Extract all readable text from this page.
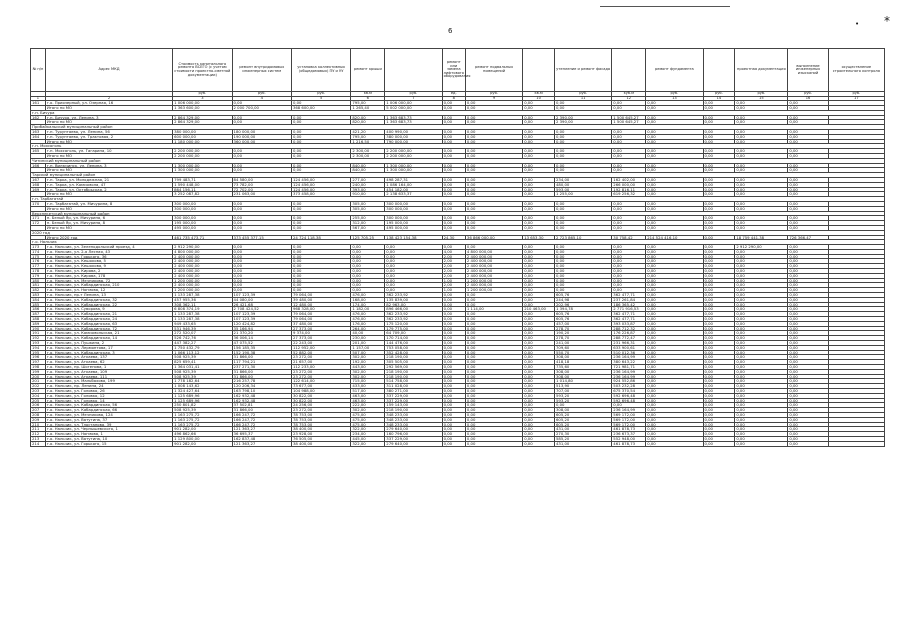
• *
6
№ п/п	Адрес МКД	Стоимость капитального ремонта ВСЕГО (с учетом стоимости проектно-сметной документации)	ремонт внутридомовых инженерных систем	установка коллективных (общедомовых) ПУ и УУ	ремонт крыши		ремонт или замена лифтового оборудования	ремонт подвальных помещений		утепление и ремонт фасада		ремонт фундамента		проектная документация	выполнение инженерных изысканий	осуществление строительного контроля
		руб.	руб.	руб.	кв.м	руб.	ед.	руб.	кв.м	руб.	куб.м	руб.	руб.	руб.	руб.	руб.
1	2	3	4	5	6	7	8	9	10	11	12	13	14	15	16	17
161	г.о. Приозерный, ул. Озерная, 16	1 006 000,00	0,00	0,00	795,00	1 006 000,00	0,00	0,00	0,00	0,00	0,00	0,00	0,00	0,00	0,00	
	Итого по МО	1 363 600,00	2 000 700,00	368 600,00	1 265,40	5 002 000,00	0,00	0,00	0,00	0,00	0,00	0,00	0,00	0,00	0,00	
г.п. Бичура																
162	г.п. Бичура, ул. Ленина, 3	2 864 329,00	0,00	0,00	820,00	1 363 683,73	0,00	0,00	0,00	2 390,00	1 500 645,27	0,00	0,00	0,00	0,00	
	Итого по МО	2 864 329,00	0,00	0,00	820,00	1 363 683,73	0,00	0,00	0,00	2 390,00	1 500 645,27	0,00	0,00	0,00	0,00	
Прибайкальский муниципальный район																
163	г.п. Турунтаево, ул. Ленина, 56	380 000,00	180 000,00	0,00	421,20	400 990,00	0,00	0,00	0,00	0,00	0,00	0,00	0,00	0,00	0,00	
164	г.п. Турунтаево, ул. Трактовая, 2	600 000,00	190 000,00	0,00	795,00	380 000,00	0,00	0,00	0,00	0,00	0,00	0,00	0,00	0,00	0,00	
	Итого по МО	1 180 000,00	360 000,00	0,00	1 216,50	790 000,00	0,00	0,00	0,00	0,00	0,00	0,00	0,00	0,00	0,00	
г.п. Мохсоголь																
165	г.п. Мохсоголь, ул. Гагарина, 10	2 200 000,00	0,00	0,00	2 300,00	2 200 000,00	0,00	0,00	0,00	0,00	0,00	0,00	0,00	0,00	0,00	
	Итого по МО	2 200 000,00	0,00	0,00	2 300,00	2 200 000,00	0,00	0,00	0,00	0,00	0,00	0,00	0,00	0,00	0,00	
Читинский муниципальный район																
166	г.п. Вилючинск, ул. Ленина, 3	1 300 000,00	0,00	0,00	840,00	1 300 000,00	0,00	0,00	0,00	0,00	0,00	0,00	0,00	0,00	0,00	
	Итого по МО	1 300 000,00	0,00	0,00	840,00	1 300 000,00	0,00	0,00	0,00	0,00	0,00	0,00	0,00	0,00	0,00	
Тарский муниципальный район																
167	г.п. Тарка, ул. Молодежная, 21	799 483,71	84 580,00	124 456,00	277,00	498 287,31	0,00	0,00	0,00	234,00	162 402,00	0,00	0,00	0,00	0,00	
168	г.п. Тарка, ул. Комсомола, 47	1 590 448,00	73 782,00	124 456,00	240,00	1 086 164,00	0,00	0,00	0,00	480,00	266 000,00	0,00	0,00	0,00	0,00	
169	г.п. Тарка, ул. Октябрьская, 2	864 156,11	72 702,00	124 456,00	393,00	454 182,00	0,00	0,00	0,00	593,00	192 816,11	0,00	0,00	0,00	0,00	
	Итого по МО	3 252 087,82	231 063,00	373 458,00	910,00	2 138 633,37	0,00	0,00	0,00	1 255,00	619 256,32	0,00	0,00	0,00	0,00	
г.п. Тарбагатай																
170	г.п. Тарбагатай, ул. Мичурина, 8	300 000,00	0,00	0,00	305,00	300 000,00	0,00	0,00	0,00	0,00	0,00	0,00	0,00	0,00	0,00	
	Итого по МО	300 000,00	0,00	0,00	305,00	300 000,00	0,00	0,00	0,00	0,00	0,00	0,00	0,00	0,00	0,00	
Верхнекетский муниципальный район																
171	п. Белый Яр, ул. Мичурина, 6	300 000,00	0,00	0,00	255,00	300 000,00	0,00	0,00	0,00	0,00	0,00	0,00	0,00	0,00	0,00	
172	п. Белый Яр, ул. Мичурина, 8	195 000,00	0,00	0,00	312,00	195 000,00	0,00	0,00	0,00	0,00	0,00	0,00	0,00	0,00	0,00	
	Итого по МО	495 000,00	0,00	0,00	567,00	495 000,00	0,00	0,00	0,00	0,00	0,00	0,00	0,00	0,00	0,00	
2020 год																
	Итого 2020 год	461 735 473,71	373 455 377,15	24 724 118,38	125 705,25	138 423 154,38	24,30	36 866 000,00	13 653,30	2 723 865,10	30 758,42	214 524 416,10	0,00	18 759 441,38	726 366,47	
г.о. Нальчик																
173	г.о. Нальчик, ул. Зеленодольский проезд, 4	2 912 290,00	0,00	0,00	0,00	0,00	0,00	0,00	0,00	0,00	0,00	0,00	0,00	2 912 290,00	0,00	
174	г.о. Нальчик, ул. 2-я Лесная, 43	4 800 000,00	0,00	0,00	0,00	0,00	4,00	4 800 000,00	0,00	0,00	0,00	0,00	0,00	0,00	0,00	
175	г.о. Нальчик, ул. Горького, 36	2 400 000,00	0,00	0,00	0,00	0,00	2,00	2 400 000,00	0,00	0,00	0,00	0,00	0,00	0,00	0,00	
176	г.о. Нальчик, ул. Кешокова, 5	2 400 000,00	0,00	0,00	0,00	0,00	2,00	2 400 000,00	0,00	0,00	0,00	0,00	0,00	0,00	0,00	
177	г.о. Нальчик, ул. Кешокова, 9	2 400 000,00	0,00	0,00	0,00	0,00	2,00	2 400 000,00	0,00	0,00	0,00	0,00	0,00	0,00	0,00	
178	г.о. Нальчик, ул. Кирова, 2	2 400 000,00	0,00	0,00	0,00	0,00	2,00	2 400 000,00	0,00	0,00	0,00	0,00	0,00	0,00	0,00	
179	г.о. Нальчик, ул. Кирова, 178	2 400 000,00	0,00	0,00	0,00	0,00	2,00	2 400 000,00	0,00	0,00	0,00	0,00	0,00	0,00	0,00	
180	г.о. Нальчик, ул. Мечникова, 72	1 200 000,00	0,00	0,00	0,00	0,00	1,00	1 200 000,00	0,00	0,00	0,00	0,00	0,00	0,00	0,00	
181	г.о. Нальчик, ул. Кабардинская, 210	2 400 000,00	0,00	0,00	0,00	0,00	2,00	2 400 000,00	0,00	0,00	0,00	0,00	0,00	0,00	0,00	
182	г.о. Нальчик, ул. Ногмова, 12	1 200 000,00	0,00	0,00	0,00	0,00	1,00	1 200 000,00	0,00	0,00	0,00	0,00	0,00	0,00	0,00	
183	г.о. Нальчик, пр-т Ленина, 13	1 133 287,38	107 123,39	79 064,00	476,00	362 233,92	0,00	0,00	0,00	605,76	362 477,71	0,00	0,00	0,00	0,00	
184	г.о. Нальчик, ул. Кабардинская, 32	457 955,36	44 080,00	39 480,00	168,00	135 839,00	0,00	0,00	0,00	244,98	237 261,84	0,00	0,00	0,00	0,00	
185	г.о. Нальчик, ул. Кабардинская, 22	308 362,11	26 421,68	12 480,00	174,00	82 963,00	0,00	0,00	0,00	202,96	186 365,42	0,00	0,00	0,00	0,00	
186	г.о. Нальчик, ул. Суворова, 9	6 808 374,19	2 708 424,52	968 328,00	1 182,00	896 466,00	0,00	1 114,00	210 463,00	1 394,78	2 771 916,53	0,00	0,00	0,00	0,00	
187	г.о. Нальчик, ул. Кабардинская, 21	1 133 287,38	107 123,39	79 064,00	476,00	362 233,92	0,00	0,00	0,00	605,76	362 477,71	0,00	0,00	0,00	0,00	
188	г.о. Нальчик, ул. Кабардинская, 24	1 133 287,38	107 123,39	79 064,00	476,00	362 233,92	0,00	0,00	0,00	605,76	362 477,71	0,00	0,00	0,00	0,00	
189	г.о. Нальчик, ул. Кабардинская, 63	949 433,65	120 424,82	37 480,00	176,00	175 120,00	0,00	0,00	0,00	457,00	393 033,87	0,00	0,00	0,00	0,00	
190	г.о. Нальчик, ул. Кабардинская, 72	531 946,39	35 166,94	27 373,00	264,00	179 775,00	0,00	0,00	0,00	278,70	288 712,32	0,00	0,00	0,00	0,00	
191	г.о. Нальчик, ул. Комсомольская, 21	272 520,07	21 370,20	9 374,00	40,00	64 709,00	0,00	0,00	0,00	190,20	176 226,87	0,00	0,00	0,00	0,00	
192	г.о. Нальчик, ул. Кабардинская, 14	526 742,76	36 006,14	27 373,00	230,00	170 714,00	0,00	0,00	0,00	278,70	288 772,47	0,00	0,00	0,00	0,00	
193	г.о. Нальчик, ул. Пушкина, 2	447 382,27	47 075,52	22 243,00	201,00	144 476,00	0,00	0,00	0,00	241,00	231 966,31	0,00	0,00	0,00	0,00	
194	г.о. Нальчик, ул. Лермонтова, 17	1 750 432,79	156 185,35	112 952,00	1 157,00	753 058,00	0,00	0,00	0,00	709,60	633 900,61	0,00	0,00	0,00	0,00	
195	г.о. Нальчик, ул. Кабардинская, 3	1 066 113,12	152 190,38	52 882,00	507,00	352 428,00	0,00	0,00	0,00	550,70	510 012,36	0,00	0,00	0,00	0,00	
196	г.о. Нальчик, ул. Аткаева, 137	508 925,39	31 866,00	23 272,00	302,00	218 190,00	0,00	0,00	0,00	308,00	236 164,99	0,00	0,00	0,00	0,00	
197	г.о. Нальчик, ул. Аткаева, 62	825 659,41	117 794,21	21 657,00	192,00	305 505,00	0,00	0,00	0,00	418,18	380 643,22	0,00	0,00	0,00	0,00	
198	г.о. Нальчик, пр. Шогенова, 1	1 364 031,41	237 271,30	112 233,00	443,00	292 569,00	0,00	0,00	0,00	735,60	721 981,71	0,00	0,00	0,00	0,00	
199	г.о. Нальчик, ул. Аткаева, 109	508 925,39	31 866,00	23 272,00	302,00	218 190,00	0,00	0,00	0,00	308,00	236 164,99	0,00	0,00	0,00	0,00	
200	г.о. Нальчик, ул. Аткаева, 111	508 925,39	31 866,00	23 272,00	302,00	218 190,00	0,00	0,00	0,00	308,00	236 164,99	0,00	0,00	0,00	0,00	
201	г.о. Нальчик, ул. Мальбахова, 199	1 778 182,64	216 257,78	122 614,00	715,00	514 758,00	0,00	0,00	0,00	1 014,80	924 552,86	0,00	0,00	0,00	0,00	
202	г.о. Нальчик, пр. Ленина, 24	1 008 143,62	120 206,34	73 677,00	433,00	311 028,00	0,00	0,00	0,00	513,90	503 232,28	0,00	0,00	0,00	0,00	
203	г.о. Нальчик, ул. Головко, 26	1 324 427,64	163 798,10	104 988,00	517,00	380 271,00	0,00	0,00	0,00	707,00	675 370,54	0,00	0,00	0,00	0,00	
204	г.о. Нальчик, ул. Головко, 12	1 125 689,96	162 932,48	30 822,00	463,00	337 229,00	0,00	0,00	0,00	593,20	592 696,48	0,00	0,00	0,00	0,00	
205	г.о. Нальчик, ул. Головко, 14	1 125 689,96	162 932,48	30 822,00	463,00	337 229,00	0,00	0,00	0,00	593,20	592 696,48	0,00	0,00	0,00	0,00	
206	г.о. Нальчик, ул. Кабардинская, 56	250 801,82	37 502,81	24 256,00	222,00	159 143,00	0,00	0,00	0,00	0,00	0,00	0,00	0,00	0,00	0,00	
207	г.о. Нальчик, ул. Кабардинская, 66	508 925,39	31 866,00	23 272,00	302,00	218 190,00	0,00	0,00	0,00	308,00	236 164,99	0,00	0,00	0,00	0,00	
208	г.о. Нальчик, ул. Мечникова, 124	1 163 275,72	166 247,72	78 753,00	475,00	348 233,00	0,00	0,00	0,00	605,20	569 172,00	0,00	0,00	0,00	0,00	
209	г.о. Нальчик, ул. Ватутина, 37	1 163 275,72	166 247,72	78 753,00	475,00	348 233,00	0,00	0,00	0,00	605,20	569 172,00	0,00	0,00	0,00	0,00	
210	г.о. Нальчик, ул. Тлостанова, 39	1 163 275,72	166 247,72	78 753,00	475,00	348 233,00	0,00	0,00	0,00	605,20	569 172,00	0,00	0,00	0,00	0,00	
211	г.о. Нальчик, ул. Чернышевского, 1	901 282,00	121 363,27	38 400,00	322,00	279 640,00	0,00	0,00	0,00	431,00	461 878,73	0,00	0,00	0,00	0,00	
212	г.о. Нальчик, ул. Ногмова, 1	496 862,66	36 695,37	23 928,00	234,00	160 796,00	0,00	0,00	0,00	270,30	236 673,37	0,00	0,00	0,00	0,00	
213	г.о. Нальчик, ул. Ватутина, 10	1 129 800,00	162 837,48	76 505,00	445,00	337 229,00	0,00	0,00	0,00	585,20	552 948,00	0,00	0,00	0,00	0,00	
214	г.о. Нальчик, ул. Горького, 15	901 282,00	121 363,27	38 400,00	322,00	279 640,00	0,00	0,00	0,00	431,00	461 878,73	0,00	0,00	0,00	0,00	
